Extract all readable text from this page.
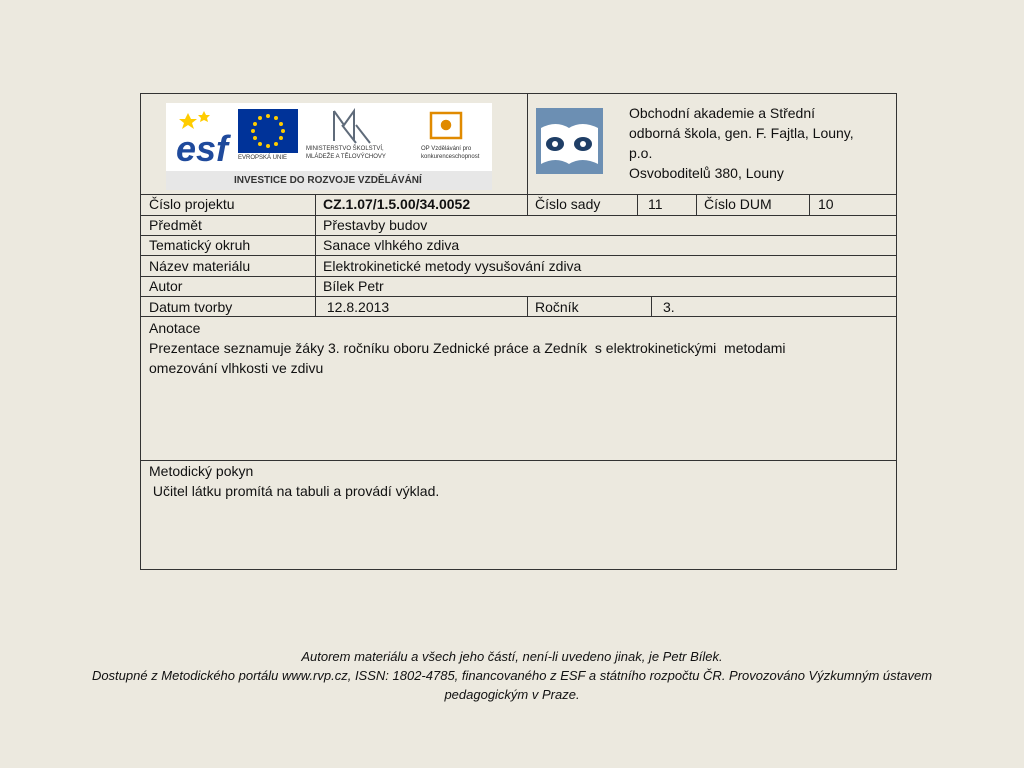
esf	EVROPSKÁ UNIE
MINISTERSTVO ŠKOLSTVÍ, MLÁDEŽE A TĚLOVÝCHOVY
OP Vzdělávání pro konkurenceschopnost
INVESTICE DO ROZVOJE VZDĚLÁVÁNÍ
Obchodní akademie a Střední
odborná škola, gen. F. Fajtla, Louny,
p.o.
Osvoboditelů 380, Louny
Číslo projektu	CZ.1.07/1.5.00/34.0052	Číslo sady	11	Číslo DUM	10
Předmět	Přestavby budov
Tematický okruh	Sanace vlhkého zdiva
Název materiálu	Elektrokinetické metody vysušování zdiva
Autor	Bílek Petr
Datum tvorby	12.8.2013	Ročník	3.
Anotace
Prezentace seznamuje žáky 3. ročníku oboru Zednické práce a Zedník  s elektrokinetickými  metodami
omezování vlhkosti ve zdivu
Metodický pokyn
Učitel látku promítá na tabuli a provádí výklad.
Autorem materiálu a všech jeho částí, není-li uvedeno jinak, je Petr Bílek.
Dostupné z Metodického portálu www.rvp.cz, ISSN: 1802-4785, financovaného z ESF a státního rozpočtu ČR. Provozováno Výzkumným ústavem
pedagogickým v Praze.
